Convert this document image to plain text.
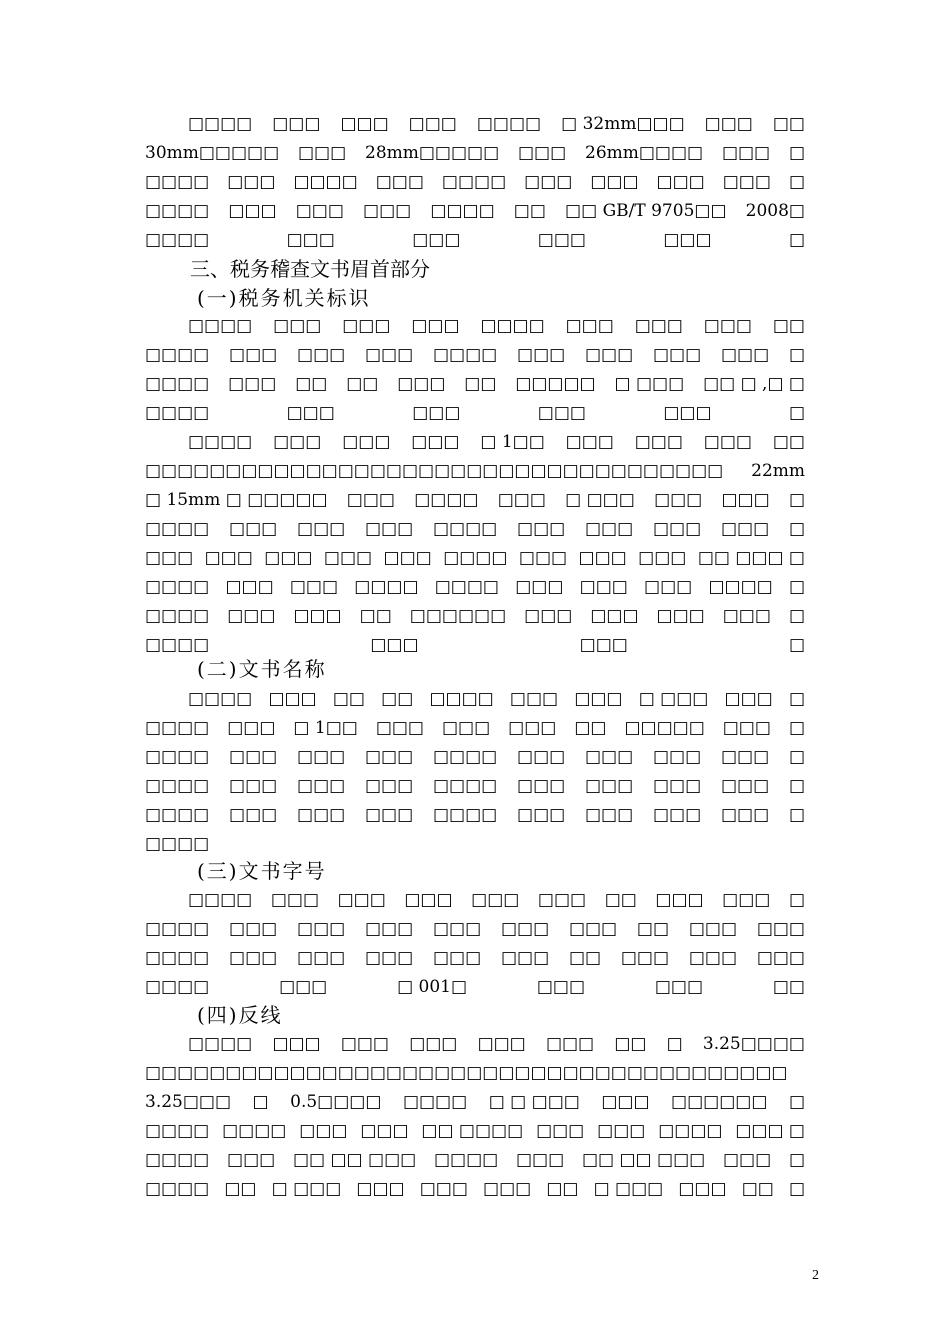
□□□□ □□□ □□□ □□□ □□□□ □ 32mm□□□ □□□ □□
30mm□□□□□ □□□ 28mm□□□□□ □□□ 26mm□□□□ □□□ □
□□□□ □□□ □□□□ □□□ □□□□ □□□ □□□ □□□ □□□ □
□□□□ □□□ □□□ □□□ □□□□ □□ □□ GB/T 9705□□ 2008□
□□□□	□□□	□□□	□□□	□□□	□
三、税务稽查文书眉首部分
(一)税务机关标识
□□□□ □□□ □□□ □□□ □□□□ □□□ □□□ □□□ □□
□□□□ □□□ □□□ □□□ □□□□ □□□ □□□ □□□ □□□ □
□□□□ □□□ □□ □□ □□□ □□ □□□□□ □ □□□ □□ □ ,□ □
□□□□	□□□	□□□	□□□	□□□	□
□□□□ □□□ □□□ □□□ □ 1□□ □□□ □□□ □□□ □□
□□□□□□□□□□□□□□□□□□□□□□□□□□□□□□□□□□□□ 22mm
□ 15mm □ □□□□□ □□□ □□□□ □□□ □ □□□ □□□ □□□ □
□□□□ □□□ □□□ □□□ □□□□ □□□ □□□ □□□ □□□ □
□□□ □□□ □□□ □□□ □□□ □□□□ □□□ □□□ □□□ □□ □□□ □
□□□□ □□□ □□□ □□□□ □□□□ □□□ □□□ □□□ □□□□ □
□□□□ □□□ □□□ □□ □□□□□□ □□□ □□□ □□□ □□□ □
□□□□	□□□	□□□	□
(二)文书名称
□□□□ □□□ □□ □□ □□□□ □□□ □□□ □ □□□ □□□ □
□□□□ □□□ □ 1□□ □□□ □□□ □□□ □□ □□□□□ □□□ □
□□□□ □□□ □□□ □□□ □□□□ □□□ □□□ □□□ □□□ □
□□□□ □□□ □□□ □□□ □□□□ □□□ □□□ □□□ □□□ □
□□□□ □□□ □□□ □□□ □□□□ □□□ □□□ □□□ □□□ □
□□□□
(三)文书字号
□□□□ □□□ □□□ □□□ □□□ □□□ □□ □□□ □□□ □
□□□□ □□□ □□□ □□□ □□□ □□□ □□□ □□ □□□ □□□
□□□□ □□□ □□□ □□□ □□□ □□□ □□ □□□ □□□ □□□
□□□□	□□□	□ 001□	□□□	□□□	□□
(四)反线
□□□□ □□□ □□□ □□□ □□□ □□□ □□ □ 3.25□□□□
□□□□□□□□□□□□□□□□□□□□□□□□□□□□□□□□□□□□□□□□
3.25□□□ □ 0.5□□□□ □□□□ □ □ □□□ □□□ □□□□□□ □
□□□□ □□□□ □□□ □□□ □□ □□□□ □□□ □□□ □□□□ □□□ □
□□□□ □□□ □□ □□ □□□ □□□□ □□□ □□ □□ □□□ □□□ □
□□□□ □□ □ □□□ □□□ □□□ □□□ □□ □ □□□ □□□ □□ □
2
